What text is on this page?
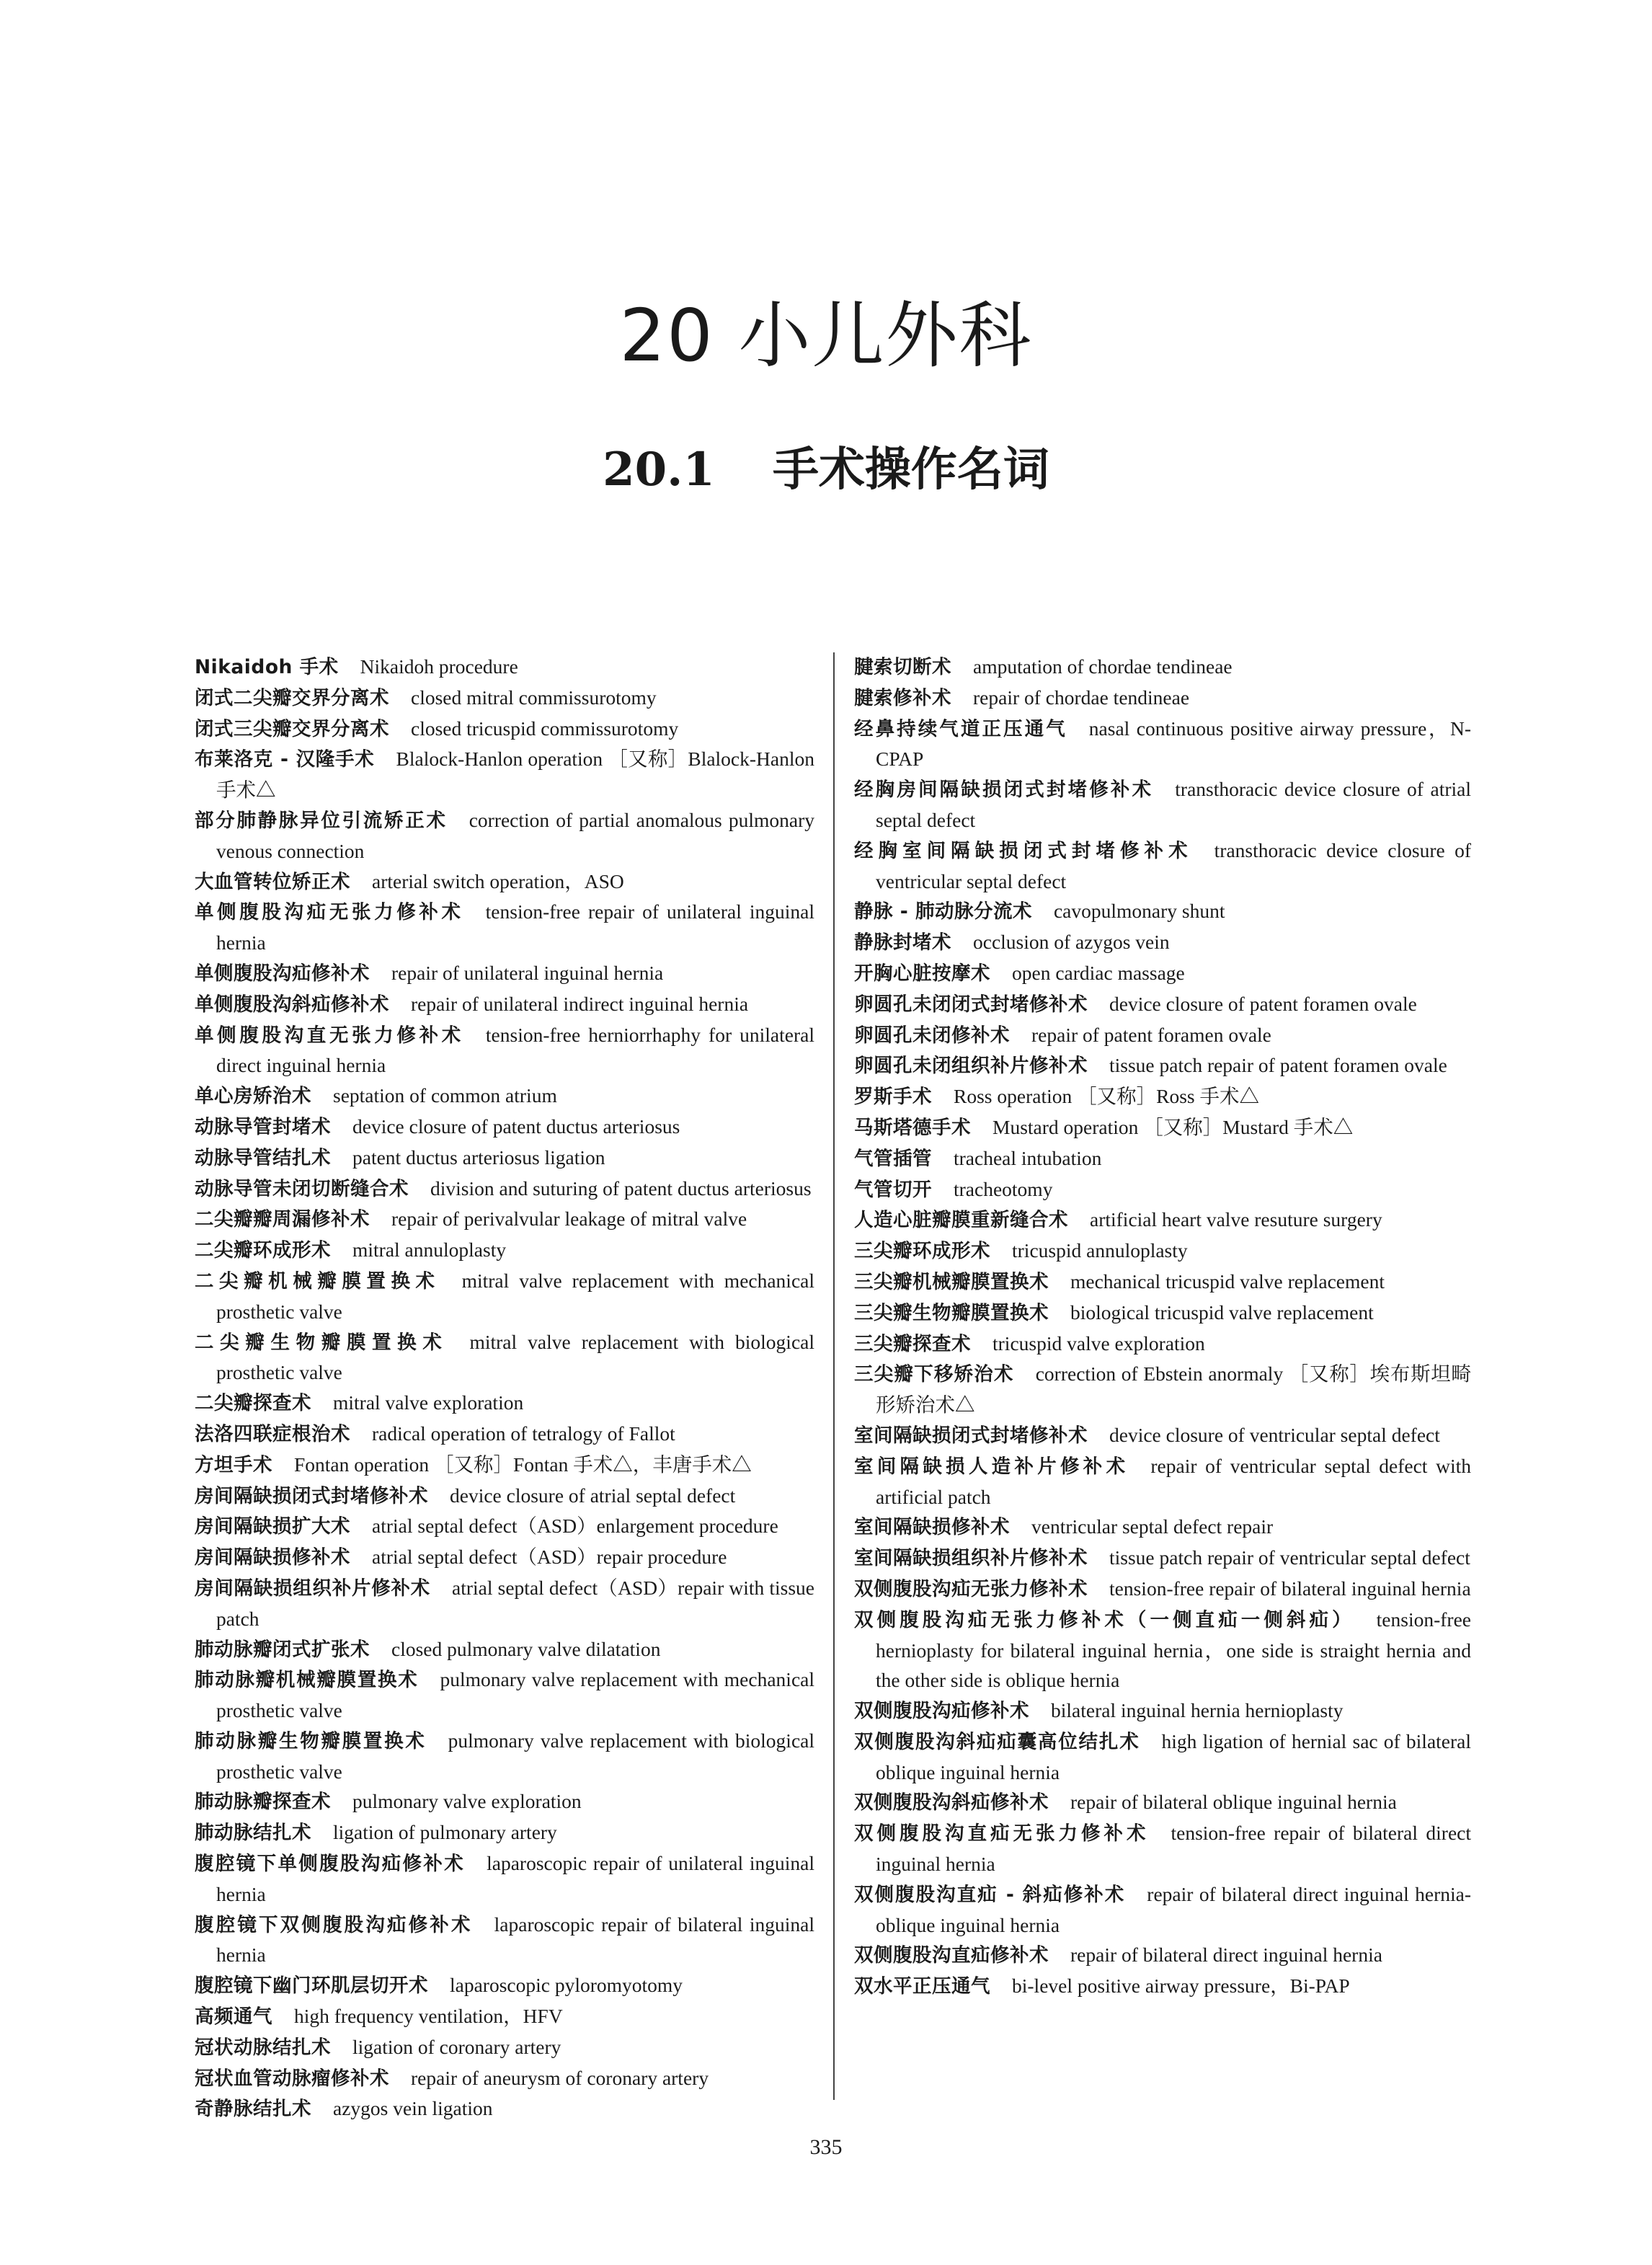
20 小儿外科
20.1 手术操作名词
Nikaidoh 手术 Nikaidoh procedure
闭式二尖瓣交界分离术 closed mitral commissurotomy
闭式三尖瓣交界分离术 closed tricuspid commissurotomy
布莱洛克 - 汉隆手术 Blalock-Hanlon operation ［又称］Blalock-Hanlon 手术△
部分肺静脉异位引流矫正术 correction of partial anomalous pulmonary venous connection
大血管转位矫正术 arterial switch operation，ASO
单侧腹股沟疝无张力修补术 tension-free repair of unilateral inguinal hernia
单侧腹股沟疝修补术 repair of unilateral inguinal hernia
单侧腹股沟斜疝修补术 repair of unilateral indirect inguinal hernia
单侧腹股沟直无张力修补术 tension-free herniorrhaphy for unilateral direct inguinal hernia
单心房矫治术 septation of common atrium
动脉导管封堵术 device closure of patent ductus arteriosus
动脉导管结扎术 patent ductus arteriosus ligation
动脉导管未闭切断缝合术 division and suturing of patent ductus arteriosus
二尖瓣瓣周漏修补术 repair of perivalvular leakage of mitral valve
二尖瓣环成形术 mitral annuloplasty
二尖瓣机械瓣膜置换术 mitral valve replacement with mechanical prosthetic valve
二尖瓣生物瓣膜置换术 mitral valve replacement with biological prosthetic valve
二尖瓣探查术 mitral valve exploration
法洛四联症根治术 radical operation of tetralogy of Fallot
方坦手术 Fontan operation ［又称］Fontan 手术△，丰唐手术△
房间隔缺损闭式封堵修补术 device closure of atrial septal defect
房间隔缺损扩大术 atrial septal defect（ASD）enlargement procedure
房间隔缺损修补术 atrial septal defect（ASD）repair procedure
房间隔缺损组织补片修补术 atrial septal defect（ASD）repair with tissue patch
肺动脉瓣闭式扩张术 closed pulmonary valve dilatation
肺动脉瓣机械瓣膜置换术 pulmonary valve replacement with mechanical prosthetic valve
肺动脉瓣生物瓣膜置换术 pulmonary valve replacement with biological prosthetic valve
肺动脉瓣探查术 pulmonary valve exploration
肺动脉结扎术 ligation of pulmonary artery
腹腔镜下单侧腹股沟疝修补术 laparoscopic repair of unilateral inguinal hernia
腹腔镜下双侧腹股沟疝修补术 laparoscopic repair of bilateral inguinal hernia
腹腔镜下幽门环肌层切开术 laparoscopic pyloromyotomy
高频通气 high frequency ventilation，HFV
冠状动脉结扎术 ligation of coronary artery
冠状血管动脉瘤修补术 repair of aneurysm of coronary artery
奇静脉结扎术 azygos vein ligation
腱索切断术 amputation of chordae tendineae
腱索修补术 repair of chordae tendineae
经鼻持续气道正压通气 nasal continuous positive airway pressure，N-CPAP
经胸房间隔缺损闭式封堵修补术 transthoracic device closure of atrial septal defect
经胸室间隔缺损闭式封堵修补术 transthoracic device closure of ventricular septal defect
静脉 - 肺动脉分流术 cavopulmonary shunt
静脉封堵术 occlusion of azygos vein
开胸心脏按摩术 open cardiac massage
卵圆孔未闭闭式封堵修补术 device closure of patent foramen ovale
卵圆孔未闭修补术 repair of patent foramen ovale
卵圆孔未闭组织补片修补术 tissue patch repair of patent foramen ovale
罗斯手术 Ross operation ［又称］Ross 手术△
马斯塔德手术 Mustard operation ［又称］Mustard 手术△
气管插管 tracheal intubation
气管切开 tracheotomy
人造心脏瓣膜重新缝合术 artificial heart valve resuture surgery
三尖瓣环成形术 tricuspid annuloplasty
三尖瓣机械瓣膜置换术 mechanical tricuspid valve replacement
三尖瓣生物瓣膜置换术 biological tricuspid valve replacement
三尖瓣探查术 tricuspid valve exploration
三尖瓣下移矫治术 correction of Ebstein anormaly ［又称］埃布斯坦畸形矫治术△
室间隔缺损闭式封堵修补术 device closure of ventricular septal defect
室间隔缺损人造补片修补术 repair of ventricular septal defect with artificial patch
室间隔缺损修补术 ventricular septal defect repair
室间隔缺损组织补片修补术 tissue patch repair of ventricular septal defect
双侧腹股沟疝无张力修补术 tension-free repair of bilateral inguinal hernia
双侧腹股沟疝无张力修补术（一侧直疝一侧斜疝） tension-free hernioplasty for bilateral inguinal hernia，one side is straight hernia and the other side is oblique hernia
双侧腹股沟疝修补术 bilateral inguinal hernia hernioplasty
双侧腹股沟斜疝疝囊高位结扎术 high ligation of hernial sac of bilateral oblique inguinal hernia
双侧腹股沟斜疝修补术 repair of bilateral oblique inguinal hernia
双侧腹股沟直疝无张力修补术 tension-free repair of bilateral direct inguinal hernia
双侧腹股沟直疝 - 斜疝修补术 repair of bilateral direct inguinal hernia-oblique inguinal hernia
双侧腹股沟直疝修补术 repair of bilateral direct inguinal hernia
双水平正压通气 bi-level positive airway pressure，Bi-PAP
335
